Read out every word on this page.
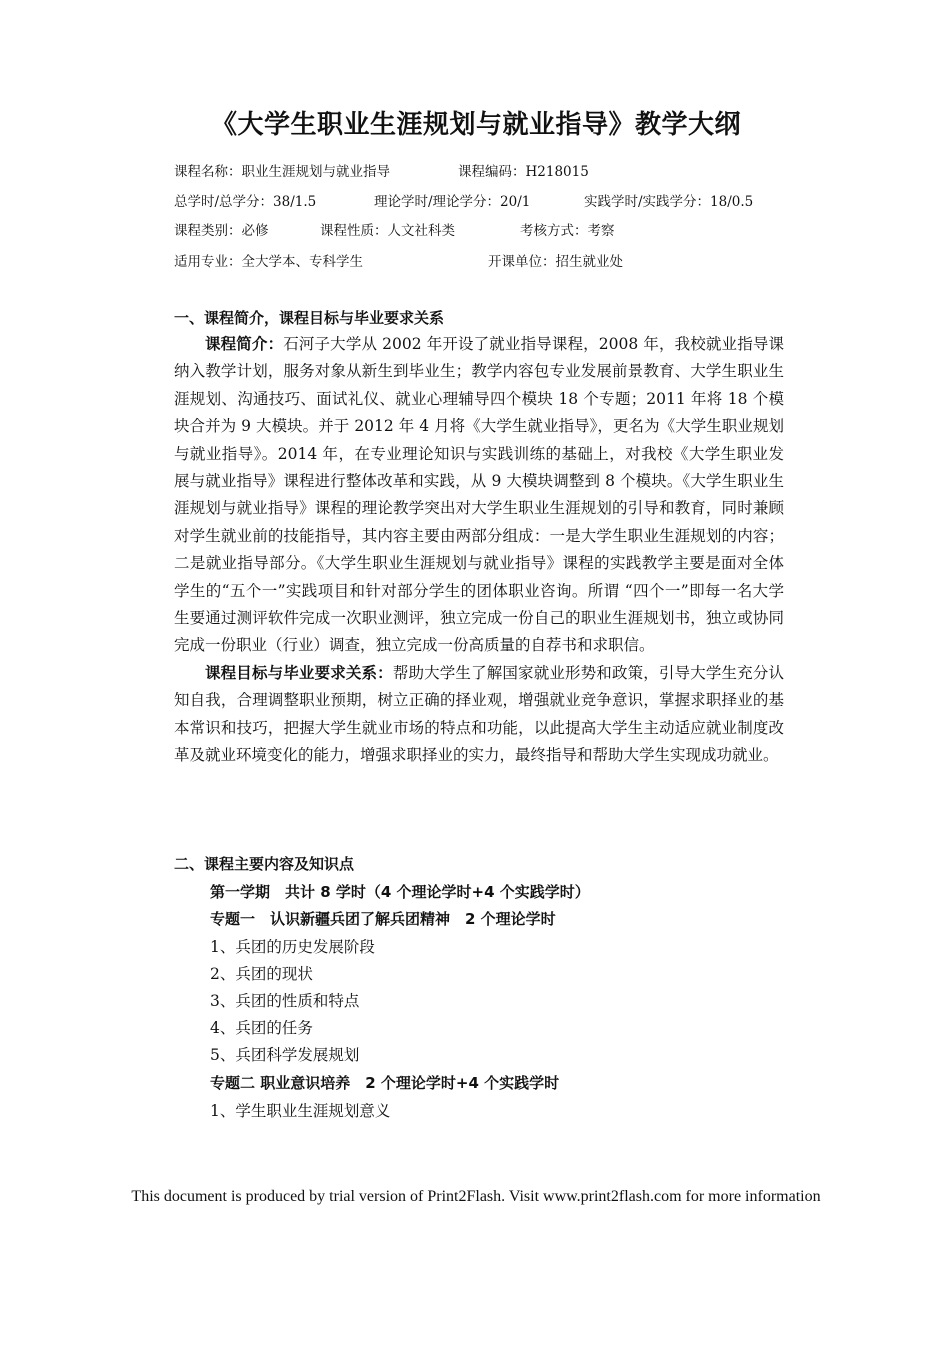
《大学生职业生涯规划与就业指导》教学大纲
课程名称：职业生涯规划与就业指导	课程编码：H218015
总学时/总学分：38/1.5	理论学时/理论学分：20/1	实践学时/实践学分：18/0.5
课程类别：必修	课程性质：人文社科类	考核方式：考察
适用专业：全大学本、专科学生	开课单位：招生就业处
一、课程简介，课程目标与毕业要求关系

课程简介：石河子大学从 2002 年开设了就业指导课程，2008 年，我校就业指导课纳入教学计划，服务对象从新生到毕业生；教学内容包专业发展前景教育、大学生职业生涯规划、沟通技巧、面试礼仪、就业心理辅导四个模块 18 个专题；2011 年将 18 个模块合并为 9 大模块。并于 2012 年 4 月将《大学生就业指导》，更名为《大学生职业规划与就业指导》。2014 年，在专业理论知识与实践训练的基础上，对我校《大学生职业发展与就业指导》课程进行整体改革和实践，从 9 大模块调整到 8 个模块。《大学生职业生涯规划与就业指导》课程的理论教学突出对大学生职业生涯规划的引导和教育，同时兼顾对学生就业前的技能指导，其内容主要由两部分组成：一是大学生职业生涯规划的内容；二是就业指导部分。《大学生职业生涯规划与就业指导》课程的实践教学主要是面对全体学生的“五个一”实践项目和针对部分学生的团体职业咨询。所谓 “四个一”即每一名大学生要通过测评软件完成一次职业测评，独立完成一份自己的职业生涯规划书，独立或协同完成一份职业（行业）调查，独立完成一份高质量的自荐书和求职信。

课程目标与毕业要求关系：帮助大学生了解国家就业形势和政策，引导大学生充分认知自我，合理调整职业预期，树立正确的择业观，增强就业竞争意识，掌握求职择业的基本常识和技巧，把握大学生就业市场的特点和功能，以此提高大学生主动适应就业制度改革及就业环境变化的能力，增强求职择业的实力，最终指导和帮助大学生实现成功就业。

二、课程主要内容及知识点
第一学期　共计 8 学时（4 个理论学时+4 个实践学时）
专题一　认识新疆兵团了解兵团精神　2 个理论学时
1、兵团的历史发展阶段
2、兵团的现状
3、兵团的性质和特点
4、兵团的任务
5、兵团科学发展规划
专题二 职业意识培养　2 个理论学时+4 个实践学时
1、学生职业生涯规划意义
This document is produced by trial version of Print2Flash. Visit www.print2flash.com for more information
